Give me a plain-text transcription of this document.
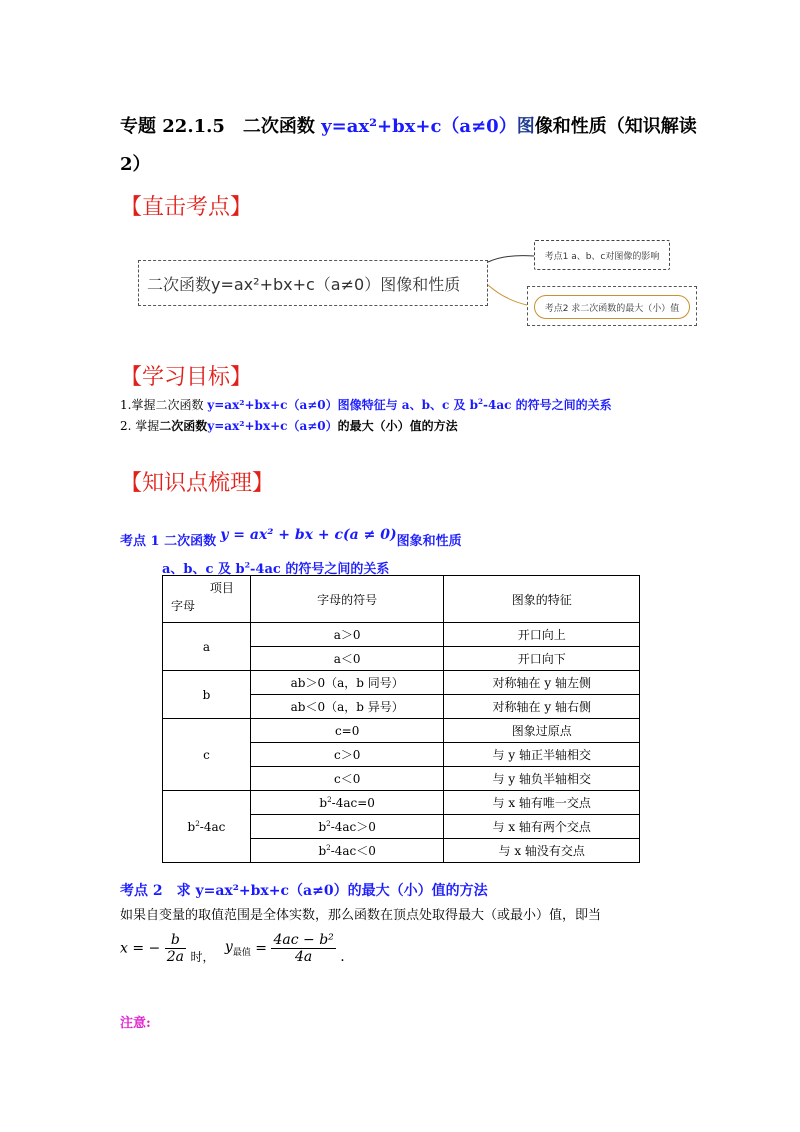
专题 22.1.5　二次函数 y=ax²+bx+c（a≠0）图像和性质（知识解读
2）
【直击考点】
二次函数y=ax²+bx+c（a≠0）图像和性质
考点1 a、b、c对图像的影响
考点2 求二次函数的最大（小）值
【学习目标】
1.掌握二次函数 y=ax²+bx+c（a≠0）图像特征与 a、b、c 及 $b^2-4ac$ 的符号之间的关系
2. 掌握二次函数y=ax²+bx+c（a≠0）的最大（小）值的方法
【知识点梳理】
考点 1 二次函数 y = ax² + bx + c(a ≠ 0)图象和性质
a、b、c 及 $b^2-4ac$ 的符号之间的关系
项目
字母	字母的符号	图象的特征
a	a＞0	开口向上
	a＜0	开口向下
b	ab＞0（a，b 同号）	对称轴在 y 轴左侧
	ab＜0（a，b 异号）	对称轴在 y 轴右侧
c	c=0	图象过原点
	c＞0	与 y 轴正半轴相交
	c＜0	与 y 轴负半轴相交
$b^2-4ac$	$b^2-4ac=0$	与 x 轴有唯一交点
	$b^2-4ac>0$	与 x 轴有两个交点
	$b^2-4ac<0$	与 x 轴没有交点
考点 2　求 y=ax²+bx+c（a≠0）的最大（小）值的方法
如果自变量的取值范围是全体实数，那么函数在顶点处取得最大（或最小）值，即当
x = − $\frac{b}{2a}$ 时， $y_{最值} = \frac{\text{4ac − b²}}{4a}$ .
注意:
